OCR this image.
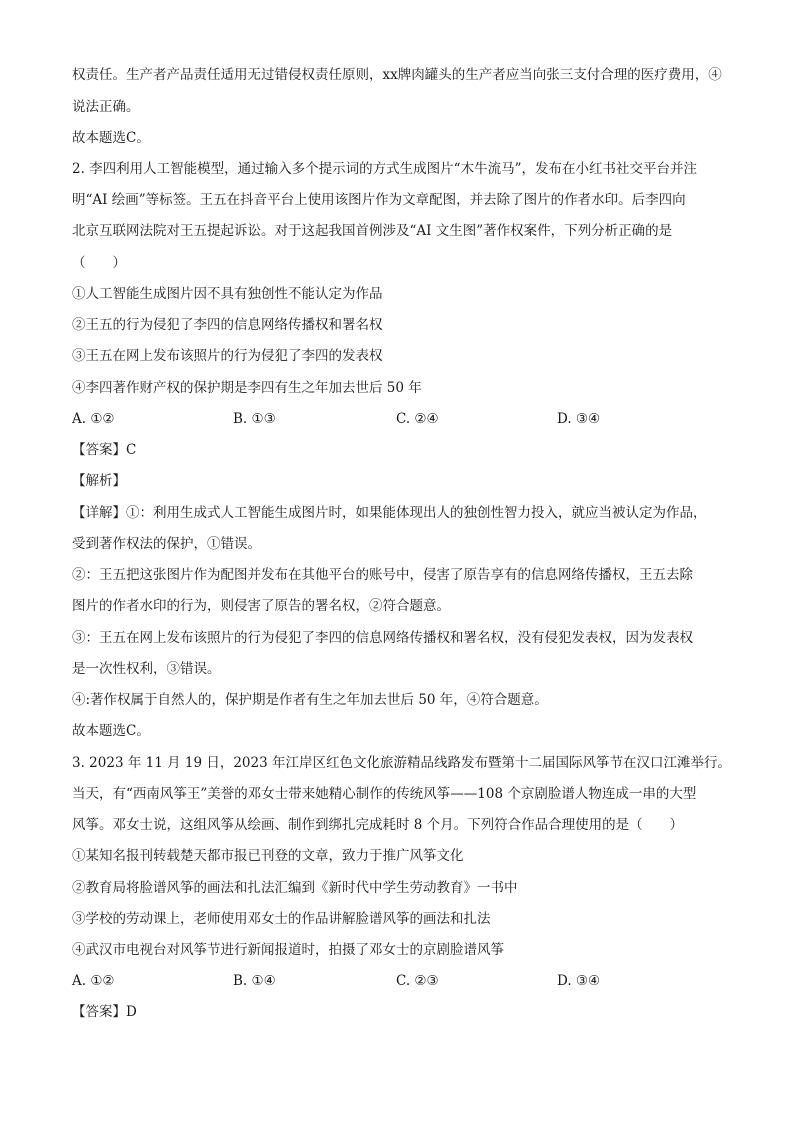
权责任。生产者产品责任适用无过错侵权责任原则，xx牌肉罐头的生产者应当向张三支付合理的医疗费用，④
说法正确。
故本题选C。
2. 李四利用人工智能模型，通过输入多个提示词的方式生成图片“木牛流马”，发布在小红书社交平台并注
明“AI 绘画”等标签。王五在抖音平台上使用该图片作为文章配图，并去除了图片的作者水印。后李四向
北京互联网法院对王五提起诉讼。对于这起我国首例涉及“AI 文生图”著作权案件，下列分析正确的是
（　　）
①人工智能生成图片因不具有独创性不能认定为作品
②王五的行为侵犯了李四的信息网络传播权和署名权
③王五在网上发布该照片的行为侵犯了李四的发表权
④李四著作财产权的保护期是李四有生之年加去世后 50 年
A. ①②	B. ①③	C. ②④	D. ③④
【答案】C
【解析】
【详解】①：利用生成式人工智能生成图片时，如果能体现出人的独创性智力投入，就应当被认定为作品，
受到著作权法的保护，①错误。
②：王五把这张图片作为配图并发布在其他平台的账号中，侵害了原告享有的信息网络传播权，王五去除
图片的作者水印的行为，则侵害了原告的署名权，②符合题意。
③：王五在网上发布该照片的行为侵犯了李四的信息网络传播权和署名权，没有侵犯发表权，因为发表权
是一次性权利，③错误。
④:著作权属于自然人的，保护期是作者有生之年加去世后 50 年，④符合题意。
故本题选C。
3. 2023 年 11 月 19 日，2023 年江岸区红色文化旅游精品线路发布暨第十二届国际风筝节在汉口江滩举行。
当天，有“西南风筝王”美誉的邓女士带来她精心制作的传统风筝——108 个京剧脸谱人物连成一串的大型
风筝。邓女士说，这组风筝从绘画、制作到绑扎完成耗时 8 个月。下列符合作品合理使用的是（　　）
①某知名报刊转载楚天都市报已刊登的文章，致力于推广风筝文化
②教育局将脸谱风筝的画法和扎法汇编到《新时代中学生劳动教育》一书中
③学校的劳动课上，老师使用邓女士的作品讲解脸谱风筝的画法和扎法
④武汉市电视台对风筝节进行新闻报道时，拍摄了邓女士的京剧脸谱风筝
A. ①②	B. ①④	C. ②③	D. ③④
【答案】D
